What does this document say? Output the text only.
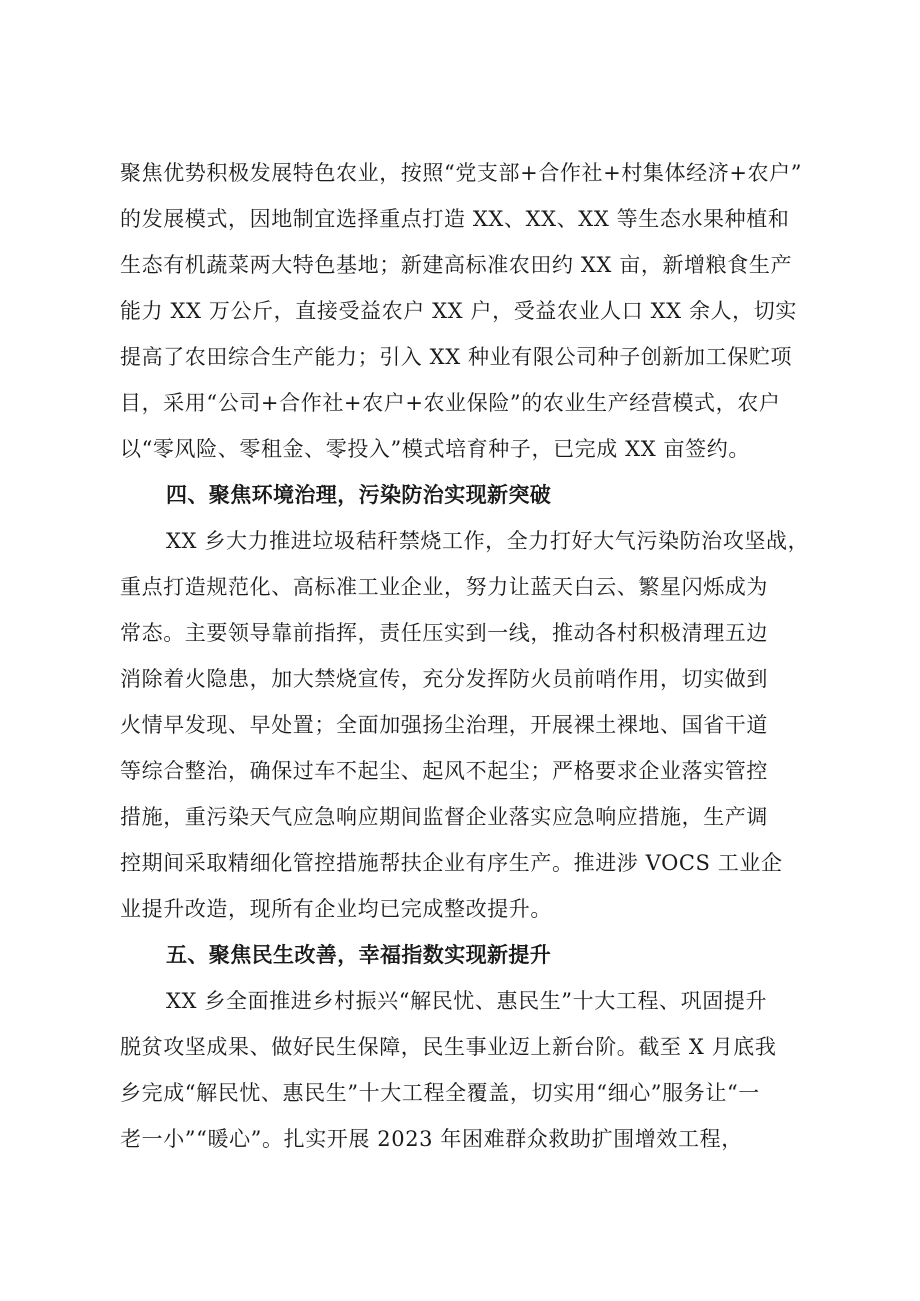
聚焦优势积极发展特色农业，按照“党支部+合作社+村集体经济+农户”
的发展模式，因地制宜选择重点打造 XX、XX、XX 等生态水果种植和
生态有机蔬菜两大特色基地；新建高标准农田约 XX 亩，新增粮食生产
能力 XX 万公斤，直接受益农户 XX 户，受益农业人口 XX 余人，切实
提高了农田综合生产能力；引入 XX 种业有限公司种子创新加工保贮项
目，采用“公司+合作社+农户+农业保险”的农业生产经营模式，农户
以“零风险、零租金、零投入”模式培育种子，已完成 XX 亩签约。
四、聚焦环境治理，污染防治实现新突破
XX 乡大力推进垃圾秸秆禁烧工作，全力打好大气污染防治攻坚战，
重点打造规范化、高标准工业企业，努力让蓝天白云、繁星闪烁成为
常态。主要领导靠前指挥，责任压实到一线，推动各村积极清理五边
消除着火隐患，加大禁烧宣传，充分发挥防火员前哨作用，切实做到
火情早发现、早处置；全面加强扬尘治理，开展裸土裸地、国省干道
等综合整治，确保过车不起尘、起风不起尘；严格要求企业落实管控
措施，重污染天气应急响应期间监督企业落实应急响应措施，生产调
控期间采取精细化管控措施帮扶企业有序生产。推进涉 VOCS 工业企
业提升改造，现所有企业均已完成整改提升。
五、聚焦民生改善，幸福指数实现新提升
XX 乡全面推进乡村振兴“解民忧、惠民生”十大工程、巩固提升
脱贫攻坚成果、做好民生保障，民生事业迈上新台阶。截至 X 月底我
乡完成“解民忧、惠民生”十大工程全覆盖，切实用“细心”服务让“一
老一小”“暖心”。扎实开展 2023 年困难群众救助扩围增效工程，
